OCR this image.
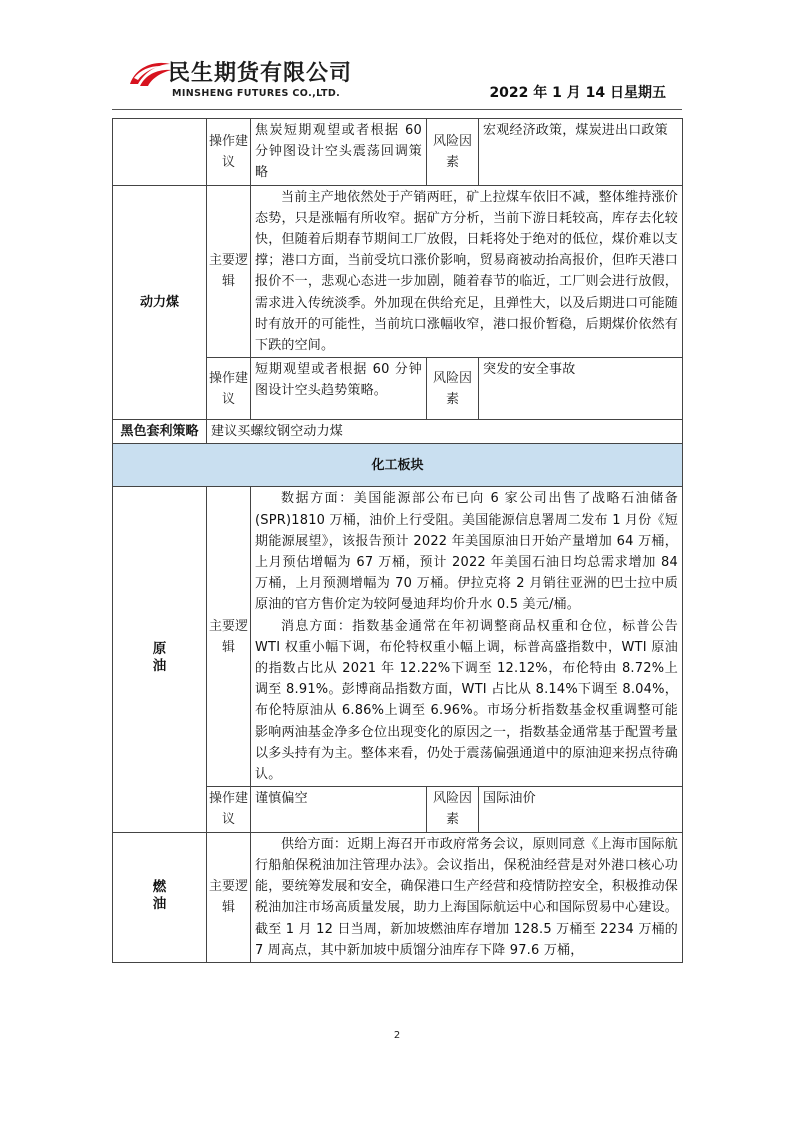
民生期货有限公司
MINSHENG FUTURES CO.,LTD.	2022 年 1 月 14 日星期五
	操作建议	焦炭短期观望或者根据 60 分钟图设计空头震荡回调策略	风险因素	宏观经济政策，煤炭进出口政策
动力煤	主要逻辑	当前主产地依然处于产销两旺，矿上拉煤车依旧不减，整体维持涨价态势，只是涨幅有所收窄。据矿方分析，当前下游日耗较高，库存去化较快，但随着后期春节期间工厂放假，日耗将处于绝对的低位，煤价难以支撑；港口方面，当前受坑口涨价影响，贸易商被动抬高报价，但昨天港口报价不一，悲观心态进一步加剧，随着春节的临近，工厂则会进行放假，需求进入传统淡季。外加现在供给充足，且弹性大，以及后期进口可能随时有放开的可能性，当前坑口涨幅收窄，港口报价暂稳，后期煤价依然有下跌的空间。		

	操作建议	短期观望或者根据 60 分钟图设计空头趋势策略。	风险因素	突发的安全事故
黑色套利策略	建议买螺纹钢空动力煤			
化工板块				
原油	主要逻辑	数据方面：美国能源部公布已向 6 家公司出售了战略石油储备(SPR)1810 万桶，油价上行受阻。美国能源信息署周二发布 1 月份《短期能源展望》，该报告预计 2022 年美国原油日开始产量增加 64 万桶，上月预估增幅为 67 万桶，预计 2022 年美国石油日均总需求增加 84 万桶，上月预测增幅为 70 万桶。伊拉克将 2 月销往亚洲的巴士拉中质原油的官方售价定为较阿曼迪拜均价升水 0.5 美元/桶。

消息方面：指数基金通常在年初调整商品权重和仓位，标普公告 WTI 权重小幅下调，布伦特权重小幅上调，标普高盛指数中，WTI 原油的指数占比从 2021 年 12.22%下调至 12.12%，布伦特由 8.72%上调至 8.91%。彭博商品指数方面，WTI 占比从 8.14%下调至 8.04%，布伦特原油从 6.86%上调至 6.96%。市场分析指数基金权重调整可能影响两油基金净多仓位出现变化的原因之一，指数基金通常基于配置考量以多头持有为主。整体来看，仍处于震荡偏强通道中的原油迎来拐点待确认。		

	操作建议	谨慎偏空	风险因素	国际油价
燃油	主要逻辑	供给方面：近期上海召开市政府常务会议，原则同意《上海市国际航行船舶保税油加注管理办法》。会议指出，保税油经营是对外港口核心功能，要统筹发展和安全，确保港口生产经营和疫情防控安全，积极推动保税油加注市场高质量发展，助力上海国际航运中心和国际贸易中心建设。截至 1 月 12 日当周，新加坡燃油库存增加 128.5 万桶至 2234 万桶的 7 周高点，其中新加坡中质馏分油库存下降 97.6 万桶，		

2
